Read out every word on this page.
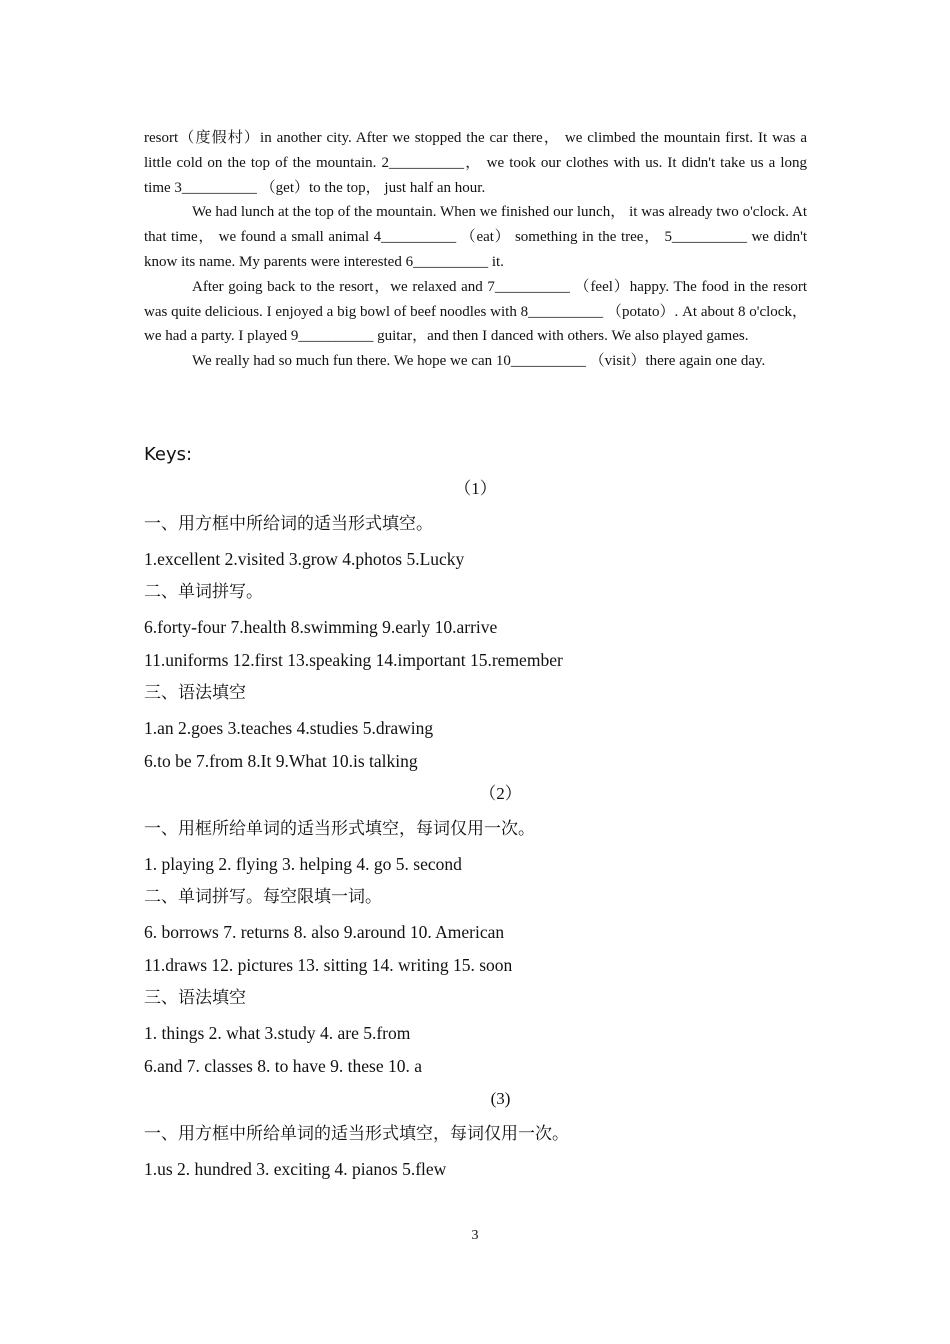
resort（度假村）in another city. After we stopped the car there， we climbed the mountain first. It was a little cold on the top of the mountain. 2__________， we took our clothes with us. It didn't take us a long time 3__________ （get）to the top， just half an hour.

We had lunch at the top of the mountain. When we finished our lunch， it was already two o'clock. At that time， we found a small animal 4__________ （eat） something in the tree， 5__________ we didn't know its name. My parents were interested 6__________ it.

After going back to the resort，we relaxed and 7__________ （feel）happy. The food in the resort was quite delicious. I enjoyed a big bowl of beef noodles with 8__________ （potato）. At about 8 o'clock，we had a party. I played 9__________ guitar，and then I danced with others. We also played games.

We really had so much fun there. We hope we can 10__________ （visit）there again one day.

Keys:
（1）
一、用方框中所给词的适当形式填空。
1.excellent 2.visited 3.grow 4.photos 5.Lucky
二、单词拼写。
6.forty-four 7.health 8.swimming 9.early 10.arrive
11.uniforms 12.first 13.speaking 14.important 15.remember
三、语法填空
1.an 2.goes 3.teaches 4.studies 5.drawing
6.to be 7.from 8.It 9.What 10.is talking
（2）
一、用框所给单词的适当形式填空，每词仅用一次。
1. playing 2. flying 3. helping 4. go 5. second
二、单词拼写。每空限填一词。
6. borrows 7. returns 8. also 9.around 10. American
11.draws 12. pictures 13. sitting 14. writing 15. soon
三、语法填空
1. things 2. what 3.study 4. are 5.from
6.and 7. classes 8. to have 9. these 10. a
(3)
一、用方框中所给单词的适当形式填空，每词仅用一次。
1.us 2. hundred 3. exciting 4. pianos 5.flew
3
